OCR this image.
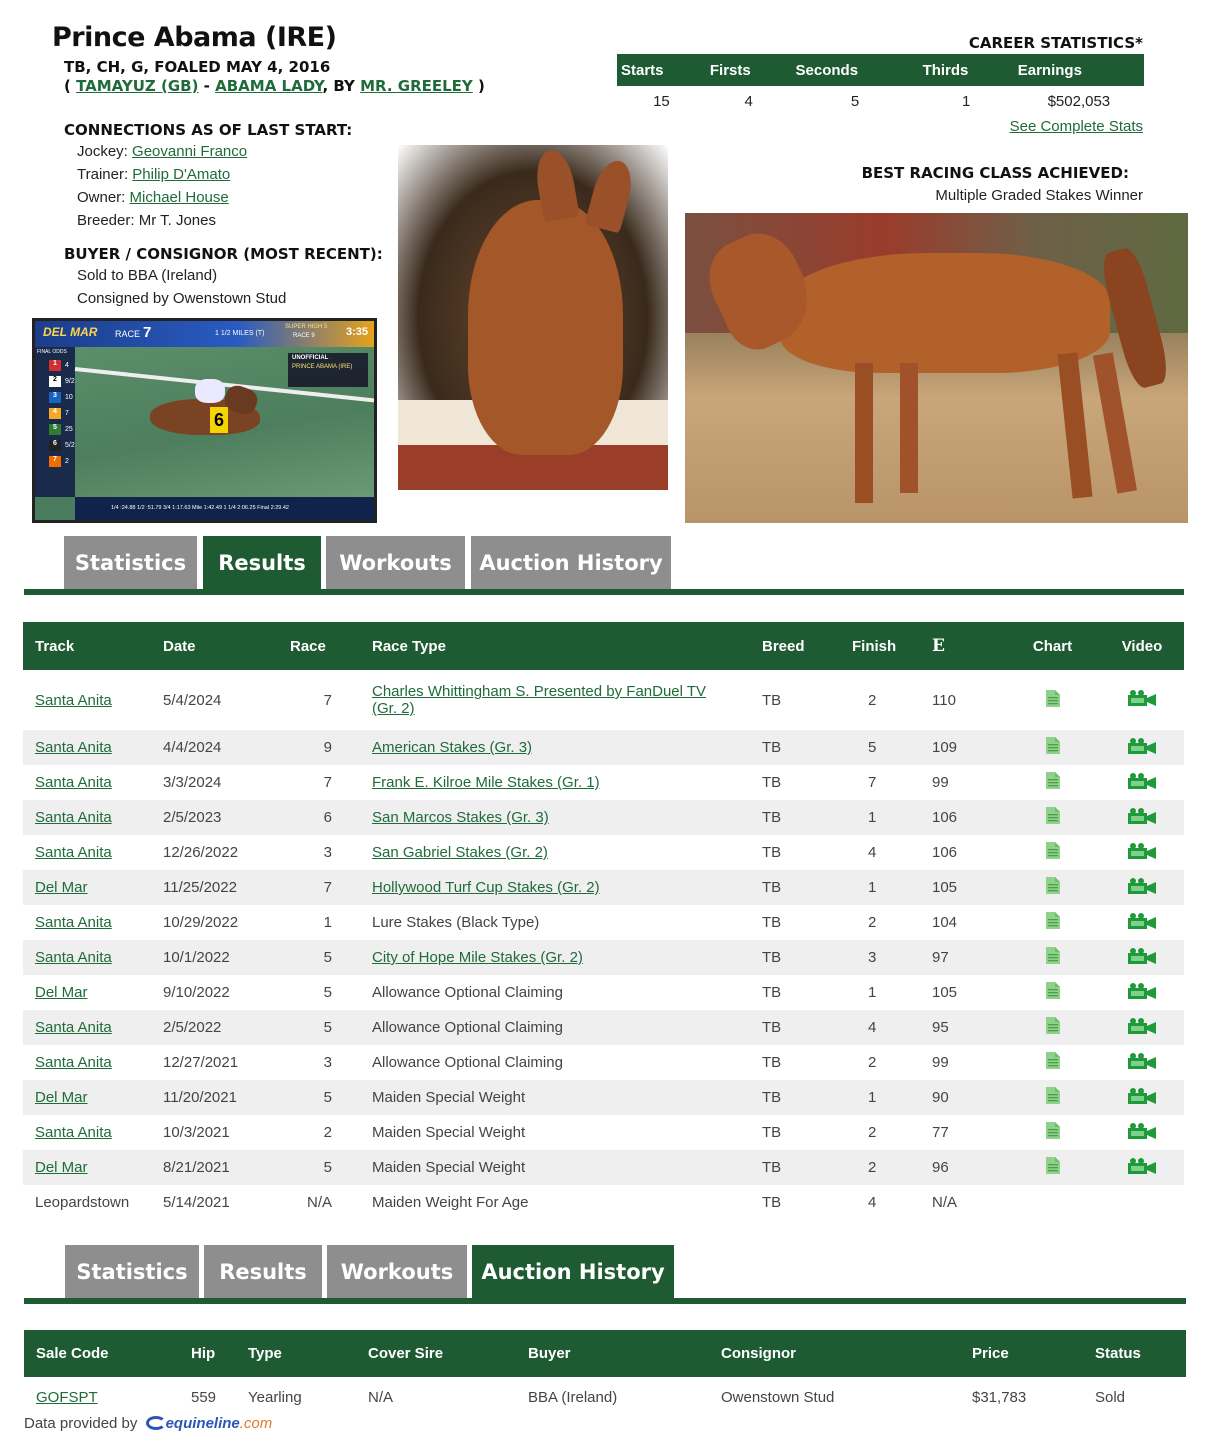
Prince Abama (IRE)
TB, CH, G, FOALED MAY 4, 2016
( TAMAYUZ (GB) - ABAMA LADY, BY MR. GREELEY )
CONNECTIONS AS OF LAST START:
Jockey: Geovanni Franco
Trainer: Philip D'Amato
Owner: Michael House
Breeder: Mr T. Jones
BUYER / CONSIGNOR (MOST RECENT):
Sold to BBA (Ireland)
Consigned by Owenstown Stud
CAREER STATISTICS*
Starts	Firsts	Seconds	Thirds	Earnings
15	4	5	1	$502,053
See Complete Stats
BEST RACING CLASS ACHIEVED:
Multiple Graded Stakes Winner
DEL MAR RACE 7	1 1/2 MILES (T)
SUPER HIGH 5
RACE 9	3:35
FINAL ODDS
1	4
2	9/2
3	10
4	7
5	25
6	5/2
7	2
6
UNOFFICIAL
PRINCE ABAMA (IRE)
1/4 :24.88 1/2 :51.79 3/4 1:17.63 Mile 1:42.49 1 1/4 2:06.25 Final 2:29.42
Statistics	Results	Workouts	Auction History
Track	Date	Race	Race Type	Breed	Finish	E	Chart	Video
Santa Anita	5/4/2024	7	Charles Whittingham S. Presented by FanDuel TV (Gr. 2)	TB	2	110		
Santa Anita	4/4/2024	9	American Stakes (Gr. 3)	TB	5	109		
Santa Anita	3/3/2024	7	Frank E. Kilroe Mile Stakes (Gr. 1)	TB	7	99		
Santa Anita	2/5/2023	6	San Marcos Stakes (Gr. 3)	TB	1	106		
Santa Anita	12/26/2022	3	San Gabriel Stakes (Gr. 2)	TB	4	106		
Del Mar	11/25/2022	7	Hollywood Turf Cup Stakes (Gr. 2)	TB	1	105		
Santa Anita	10/29/2022	1	Lure Stakes (Black Type)	TB	2	104		
Santa Anita	10/1/2022	5	City of Hope Mile Stakes (Gr. 2)	TB	3	97		
Del Mar	9/10/2022	5	Allowance Optional Claiming	TB	1	105		
Santa Anita	2/5/2022	5	Allowance Optional Claiming	TB	4	95		
Santa Anita	12/27/2021	3	Allowance Optional Claiming	TB	2	99		
Del Mar	11/20/2021	5	Maiden Special Weight	TB	1	90		
Santa Anita	10/3/2021	2	Maiden Special Weight	TB	2	77		
Del Mar	8/21/2021	5	Maiden Special Weight	TB	2	96		
Leopardstown	5/14/2021	N/A	Maiden Weight For Age	TB	4	N/A		
Statistics	Results	Workouts	Auction History
Sale Code	Hip	Type	Cover Sire	Buyer	Consignor	Price	Status
GOFSPT	559	Yearling	N/A	BBA (Ireland)	Owenstown Stud	$31,783	Sold
Data provided by equineline.com
